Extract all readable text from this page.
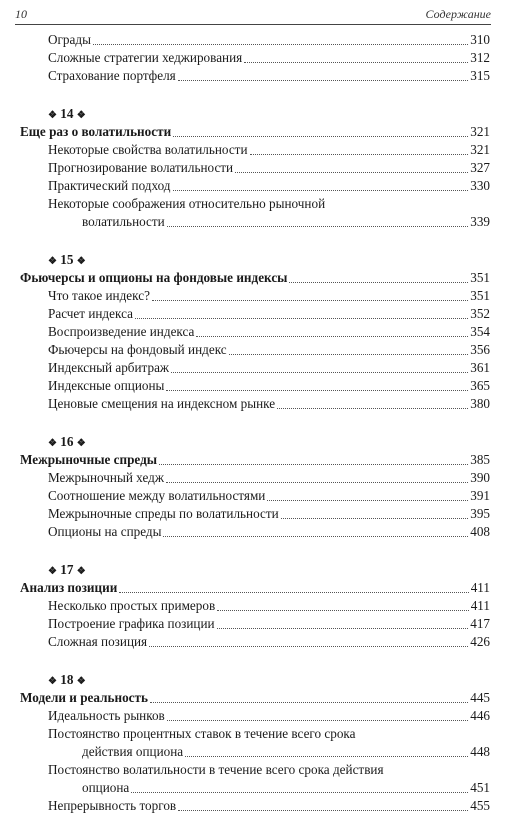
10	Содержание
Ограды	310
Сложные стратегии хеджирования	312
Страхование портфеля	315
❖ 14 ❖
Еще раз о волатильности	321
Некоторые свойства волатильности	321
Прогнозирование волатильности	327
Практический подход	330
Некоторые соображения относительно рыночной
волатильности	339
❖ 15 ❖
Фьючерсы и опционы на фондовые индексы	351
Что такое индекс?	351
Расчет индекса	352
Воспроизведение индекса	354
Фьючерсы на фондовый индекс	356
Индексный арбитраж	361
Индексные опционы	365
Ценовые смещения на индексном рынке	380
❖ 16 ❖
Межрыночные спреды	385
Межрыночный хедж	390
Соотношение между волатильностями	391
Межрыночные спреды по волатильности	395
Опционы на спреды	408
❖ 17 ❖
Анализ позиции	411
Несколько простых примеров	411
Построение графика позиции	417
Сложная позиция	426
❖ 18 ❖
Модели и реальность	445
Идеальность рынков	446
Постоянство процентных ставок в течение всего срока
действия опциона	448
Постоянство волатильности в течение всего срока действия
опциона	451
Непрерывность торгов	455
